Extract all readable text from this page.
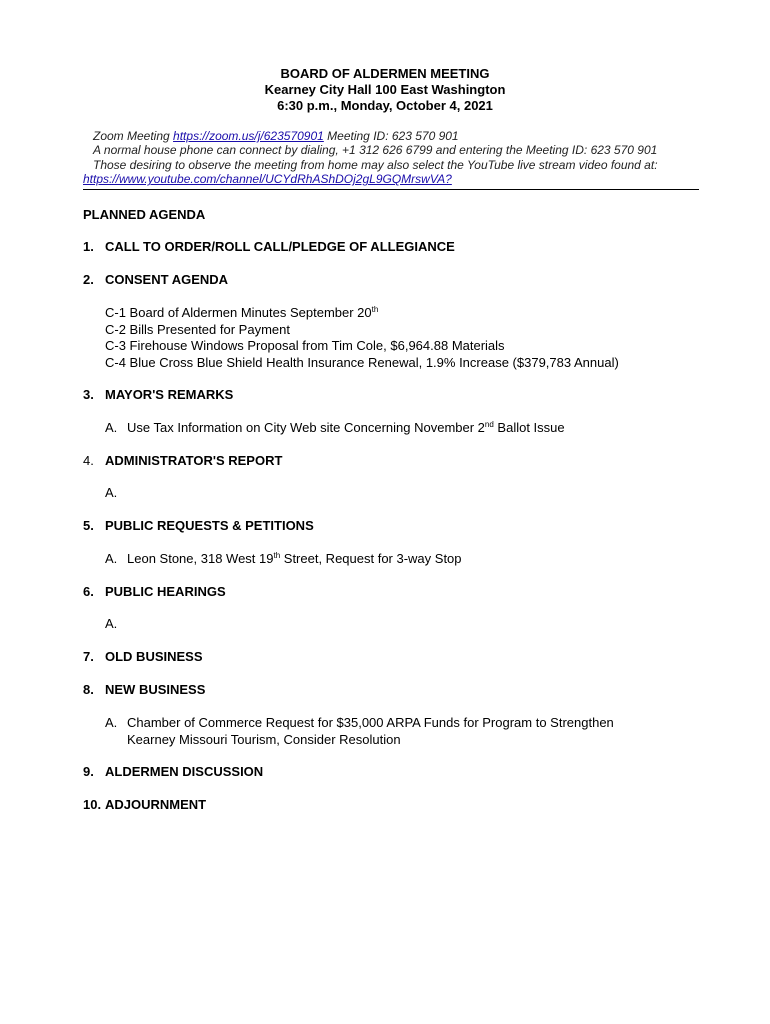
BOARD OF ALDERMEN MEETING
Kearney City Hall 100 East Washington
6:30 p.m., Monday, October 4, 2021
Zoom Meeting https://zoom.us/j/623570901 Meeting ID: 623 570 901
A normal house phone can connect by dialing, +1 312 626 6799 and entering the Meeting ID: 623 570 901
Those desiring to observe the meeting from home may also select the YouTube live stream video found at:
https://www.youtube.com/channel/UCYdRhAShDOj2gL9GQMrswVA?
PLANNED AGENDA
1. CALL TO ORDER/ROLL CALL/PLEDGE OF ALLEGIANCE
2. CONSENT AGENDA
C-1 Board of Aldermen Minutes September 20th
C-2 Bills Presented for Payment
C-3 Firehouse Windows Proposal from Tim Cole, $6,964.88 Materials
C-4 Blue Cross Blue Shield Health Insurance Renewal, 1.9% Increase ($379,783 Annual)
3. MAYOR'S REMARKS
A. Use Tax Information on City Web site Concerning November 2nd Ballot Issue
4. ADMINISTRATOR'S REPORT
A.
5. PUBLIC REQUESTS & PETITIONS
A. Leon Stone, 318 West 19th Street, Request for 3-way Stop
6. PUBLIC HEARINGS
A.
7. OLD BUSINESS
8. NEW BUSINESS
A. Chamber of Commerce Request for $35,000 ARPA Funds for Program to Strengthen
Kearney Missouri Tourism, Consider Resolution
9. ALDERMEN DISCUSSION
10. ADJOURNMENT
